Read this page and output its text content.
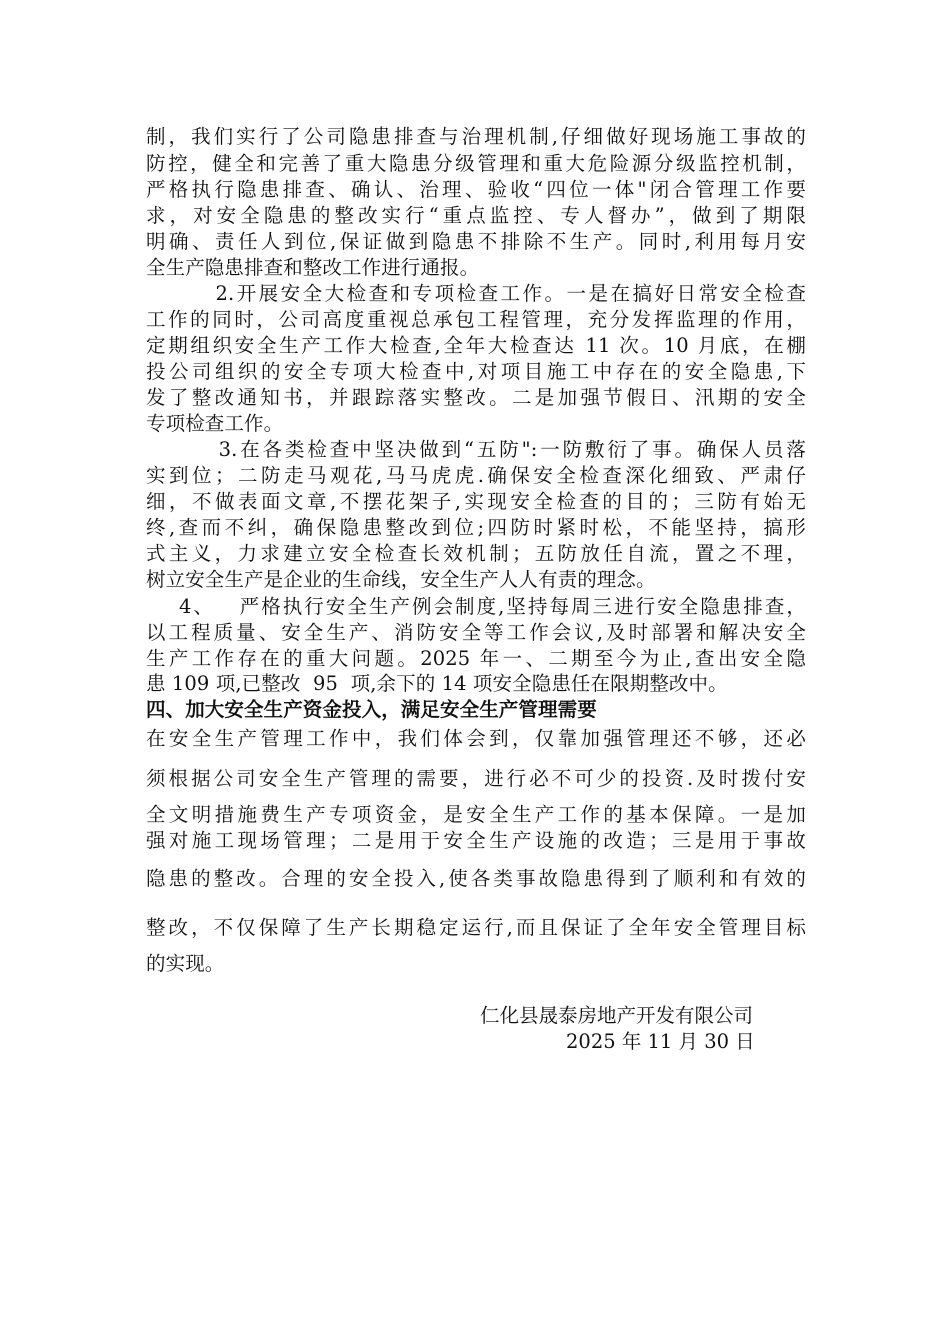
制，我们实行了公司隐患排查与治理机制,仔细做好现场施工事故的
防控，健全和完善了重大隐患分级管理和重大危险源分级监控机制，
严格执行隐患排查、确认、治理、验收“四位一体"闭合管理工作要
求，对安全隐患的整改实行“重点监控、专人督办”，做到了期限
明确、责任人到位,保证做到隐患不排除不生产。同时,利用每月安
全生产隐患排查和整改工作进行通报。
2.开展安全大检查和专项检查工作。一是在搞好日常安全检查
工作的同时，公司高度重视总承包工程管理，充分发挥监理的作用，
定期组织安全生产工作大检查,全年大检查达 11 次。10 月底，在棚
投公司组织的安全专项大检查中,对项目施工中存在的安全隐患,下
发了整改通知书，并跟踪落实整改。二是加强节假日、汛期的安全
专项检查工作。
3.在各类检查中坚决做到“五防":一防敷衍了事。确保人员落
实到位；二防走马观花,马马虎虎.确保安全检查深化细致、严肃仔
细，不做表面文章,不摆花架子,实现安全检查的目的；三防有始无
终,查而不纠，确保隐患整改到位;四防时紧时松，不能坚持，搞形
式主义，力求建立安全检查长效机制；五防放任自流，置之不理，
树立安全生产是企业的生命线，安全生产人人有责的理念。
4、   严格执行安全生产例会制度,坚持每周三进行安全隐患排查，
以工程质量、安全生产、消防安全等工作会议,及时部署和解决安全
生产工作存在的重大问题。2025 年一、二期至今为止,查出安全隐
患 109 项,已整改  95  项,余下的 14 项安全隐患任在限期整改中。
四、加大安全生产资金投入，满足安全生产管理需要
在安全生产管理工作中，我们体会到，仅靠加强管理还不够，还必
须根据公司安全生产管理的需要，进行必不可少的投资.及时拨付安
全文明措施费生产专项资金，是安全生产工作的基本保障。一是加
强对施工现场管理；二是用于安全生产设施的改造；三是用于事故
隐患的整改。合理的安全投入,使各类事故隐患得到了顺利和有效的
整改，不仅保障了生产长期稳定运行,而且保证了全年安全管理目标
的实现。
仁化县晟泰房地产开发有限公司
2025 年 11 月 30 日
